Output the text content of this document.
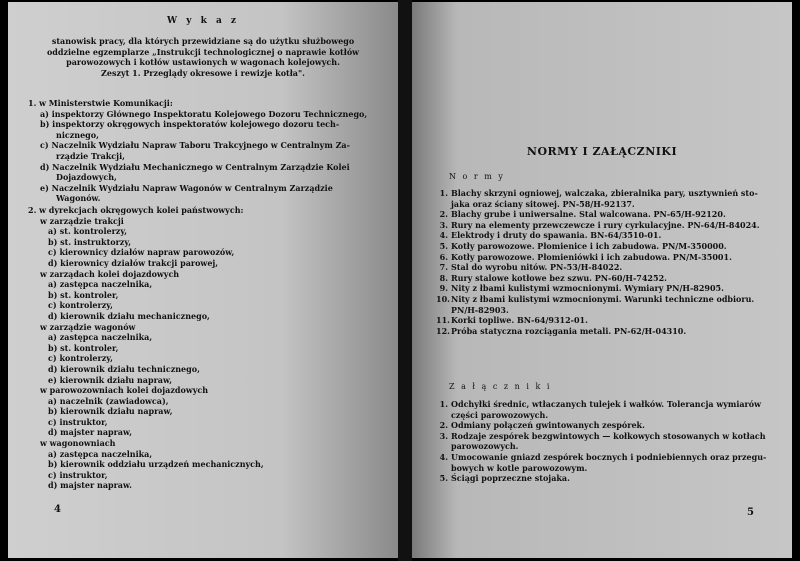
W y k a z
stanowisk pracy, dla których przewidziane są do użytku służbowego
oddzielne egzemplarze „Instrukcji technologicznej o naprawie kotłów
parowozowych i kotłów ustawionych w wagonach kolejowych.
Zeszyt 1. Przeglądy okresowe i rewizje kotła".
1. w Ministerstwie Komunikacji:
a) inspektorzy Głównego Inspektoratu Kolejowego Dozoru Technicznego,
b) inspektorzy okręgowych inspektoratów kolejowego dozoru tech-
nicznego,
c) Naczelnik Wydziału Napraw Taboru Trakcyjnego w Centralnym Za-
rządzie Trakcji,
d) Naczelnik Wydziału Mechanicznego w Centralnym Zarządzie Kolei
Dojazdowych,
e) Naczelnik Wydziału Napraw Wagonów w Centralnym Zarządzie
Wagonów.
2. w dyrekcjach okręgowych kolei państwowych:
w zarządzie trakcji
a) st. kontrolerzy,
b) st. instruktorzy,
c) kierownicy działów napraw parowozów,
d) kierownicy działów trakcji parowej,
w zarządach kolei dojazdowych
a) zastępca naczelnika,
b) st. kontroler,
c) kontrolerzy,
d) kierownik działu mechanicznego,
w zarządzie wagonów
a) zastępca naczelnika,
b) st. kontroler,
c) kontrolerzy,
d) kierownik działu technicznego,
e) kierownik działu napraw,
w parowozowniach kolei dojazdowych
a) naczelnik (zawiadowca),
b) kierownik działu napraw,
c) instruktor,
d) majster napraw,
w wagonowniach
a) zastępca naczelnika,
b) kierownik oddziału urządzeń mechanicznych,
c) instruktor,
d) majster napraw.
4
NORMY I ZAŁĄCZNIKI
N o r m y
1. Blachy skrzyni ogniowej, walczaka, zbieralnika pary, usztywnień sto-
jaka oraz ściany sitowej. PN-58/H-92137.
2. Blachy grube i uniwersalne. Stal walcowana. PN-65/H-92120.
3. Rury na elementy przewczewcze i rury cyrkulacyjne. PN-64/H-84024.
4. Elektrody i druty do spawania. BN-64/3510-01.
5. Kotły parowozowe. Płomienice i ich zabudowa. PN/M-350000.
6. Kotły parowozowe. Płomieniówki i ich zabudowa. PN/M-35001.
7. Stal do wyrobu nitów. PN-53/H-84022.
8. Rury stalowe kotłowe bez szwu. PN-60/H-74252.
9. Nity z łbami kulistymi wzmocnionymi. Wymiary PN/H-82905.
10.Nity z łbami kulistymi wzmocnionymi. Warunki techniczne odbioru.
PN/H-82903.
11.Korki topliwe. BN-64/9312-01.
12.Próba statyczna rozciągania metali. PN-62/H-04310.
Z a ł ą c z n i k i
1. Odchyłki średnic, wtłaczanych tulejek i wałków. Tolerancja wymiarów
części parowozowych.
2. Odmiany połączeń gwintowanych zespórek.
3. Rodzaje zespórek bezgwintowych — kołkowych stosowanych w kotłach
parowozowych.
4. Umocowanie gniazd zespórek bocznych i podniebiennych oraz przegu-
bowych w kotle parowozowym.
5. Ściągi poprzeczne stojaka.
5
